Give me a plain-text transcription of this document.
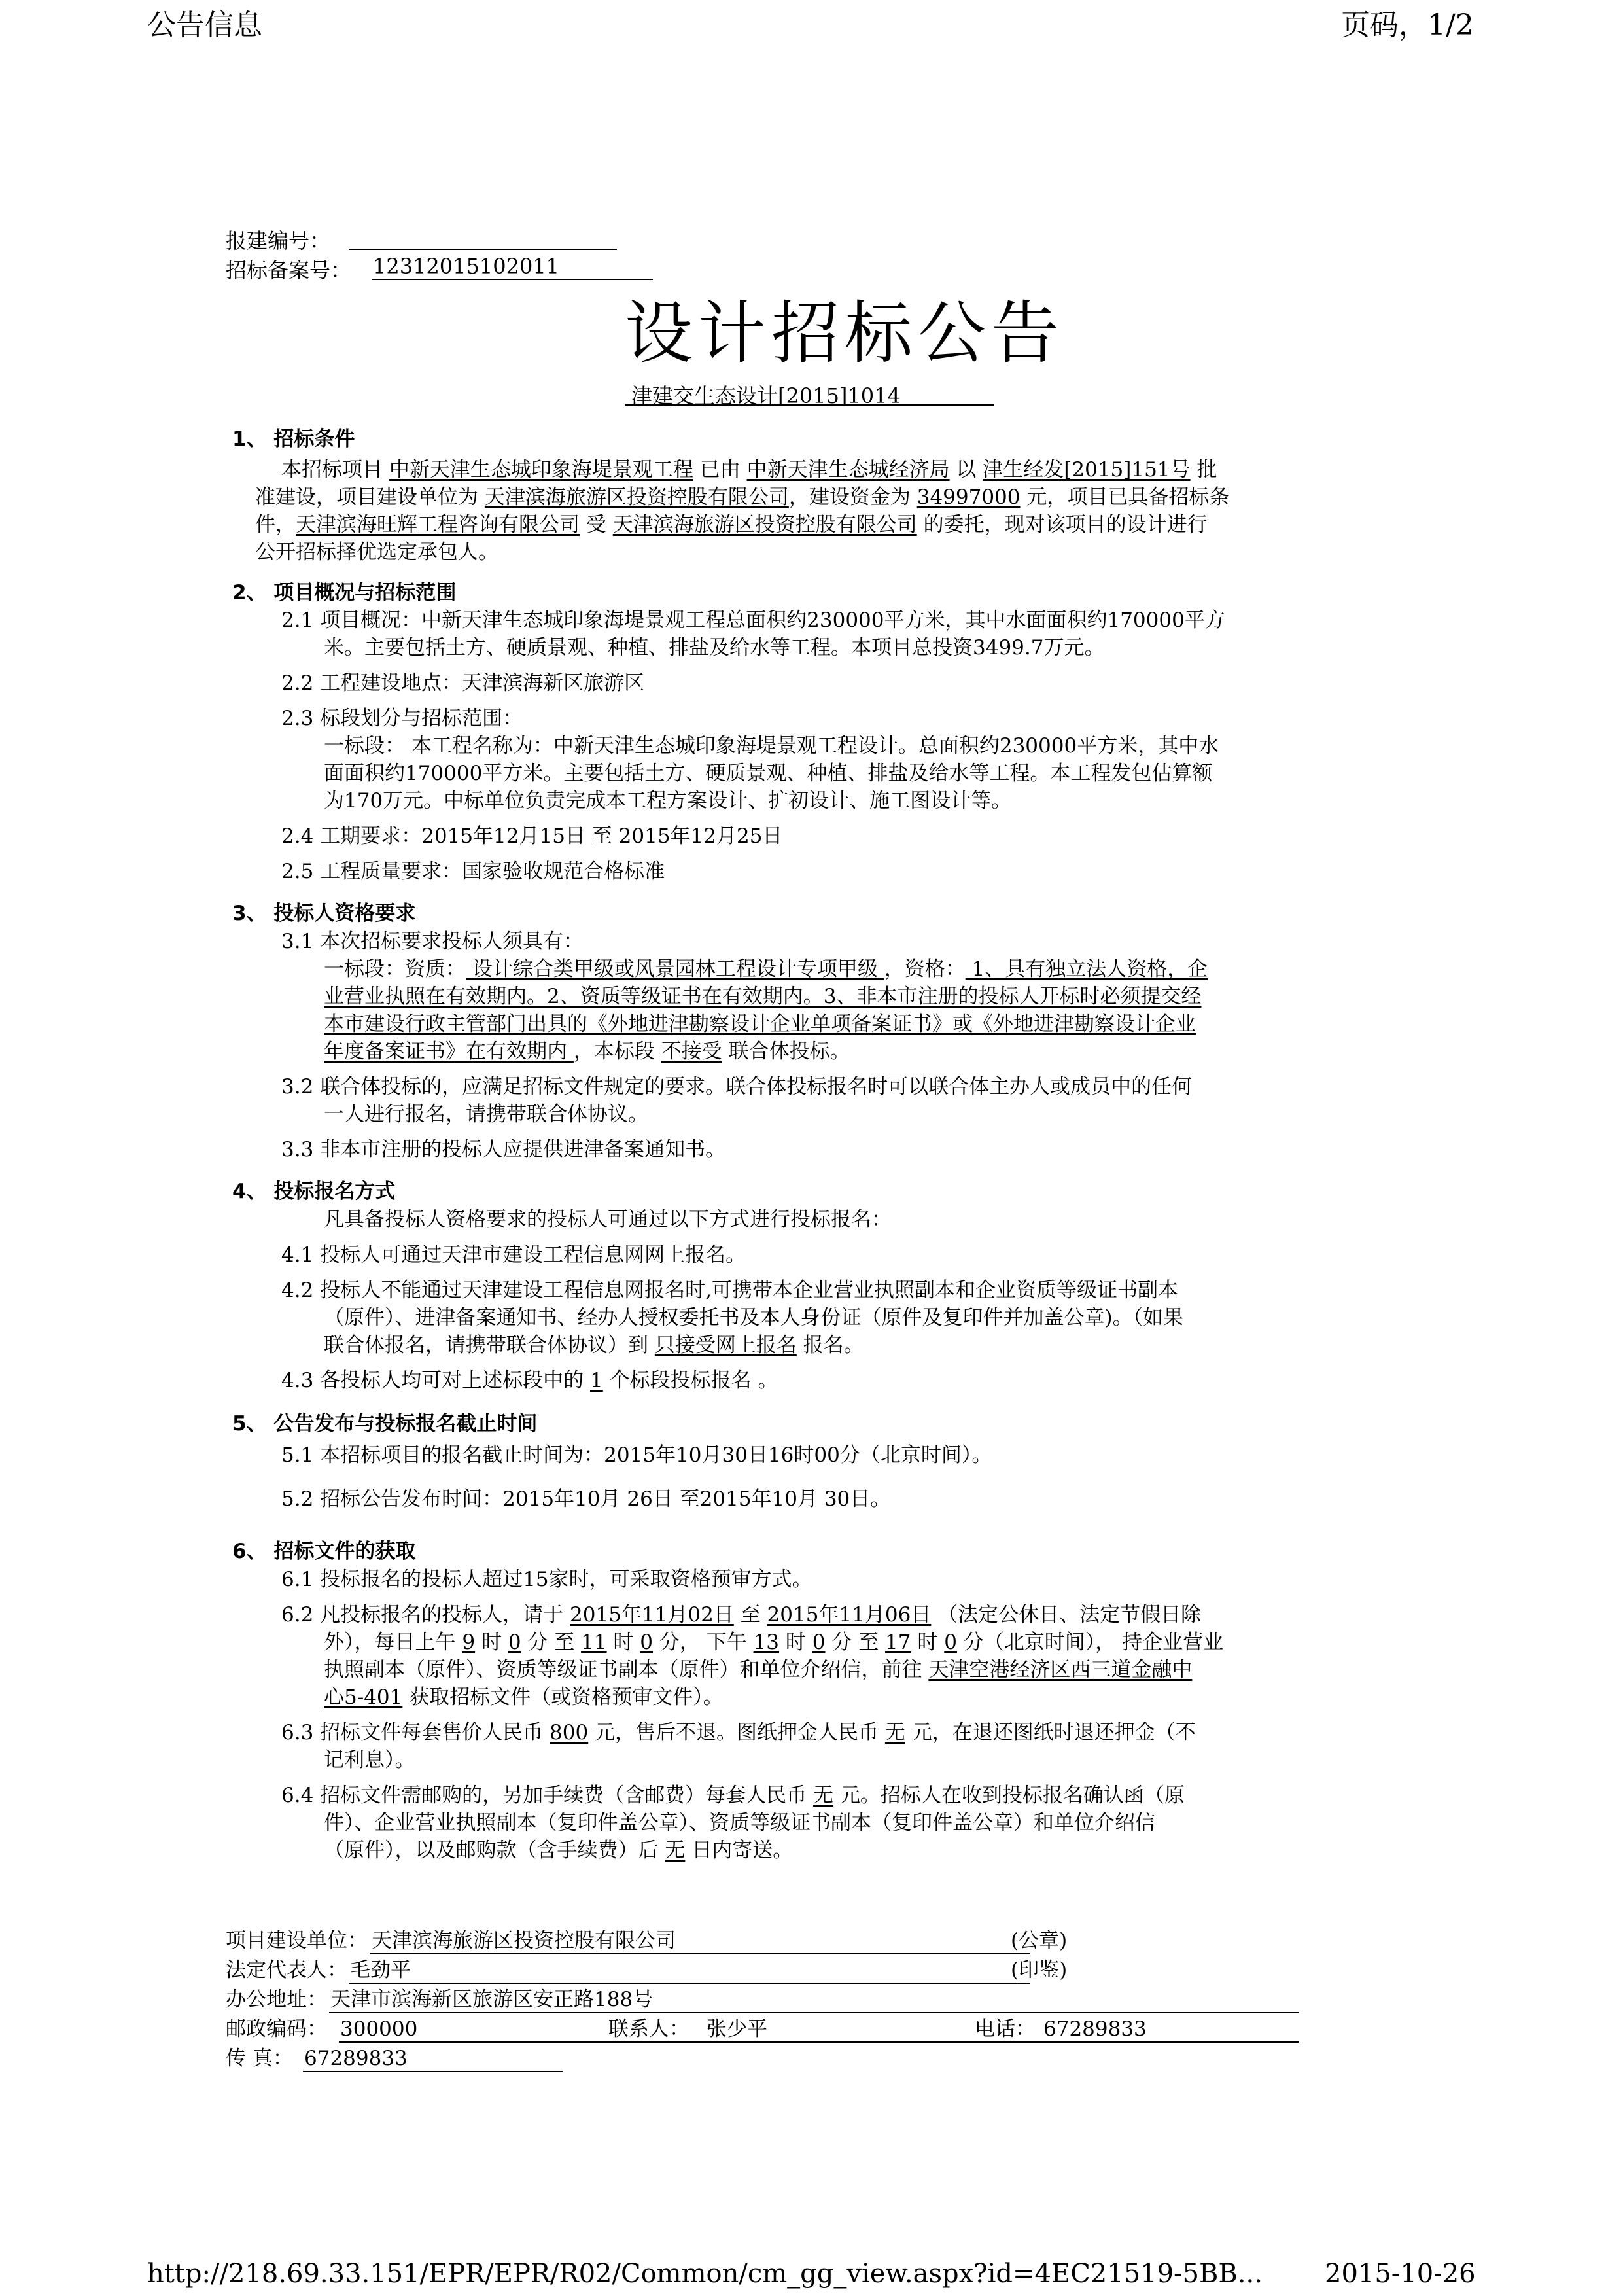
公告信息	页码，1/2
报建编号：
招标备案号： 12312015102011
设计招标公告
津建交生态设计[2015]1014
1、 招标条件
本招标项目 中新天津生态城印象海堤景观工程 已由 中新天津生态城经济局 以 津生经发[2015]151号 批
准建设，项目建设单位为 天津滨海旅游区投资控股有限公司，建设资金为 34997000 元，项目已具备招标条
件，天津滨海旺辉工程咨询有限公司 受 天津滨海旅游区投资控股有限公司 的委托，现对该项目的设计进行
公开招标择优选定承包人。
2、 项目概况与招标范围
2.1 项目概况：中新天津生态城印象海堤景观工程总面积约230000平方米，其中水面面积约170000平方
米。主要包括土方、硬质景观、种植、排盐及给水等工程。本项目总投资3499.7万元。
2.2 工程建设地点：天津滨海新区旅游区
2.3 标段划分与招标范围：
一标段： 本工程名称为：中新天津生态城印象海堤景观工程设计。总面积约230000平方米，其中水
面面积约170000平方米。主要包括土方、硬质景观、种植、排盐及给水等工程。本工程发包估算额
为170万元。中标单位负责完成本工程方案设计、扩初设计、施工图设计等。
2.4 工期要求：2015年12月15日 至 2015年12月25日
2.5 工程质量要求：国家验收规范合格标准
3、 投标人资格要求
3.1 本次招标要求投标人须具有：
一标段：资质： 设计综合类甲级或风景园林工程设计专项甲级 ，资格： 1、具有独立法人资格，企
业营业执照在有效期内。2、资质等级证书在有效期内。3、非本市注册的投标人开标时必须提交经
本市建设行政主管部门出具的《外地进津勘察设计企业单项备案证书》或《外地进津勘察设计企业
年度备案证书》在有效期内 ，本标段 不接受 联合体投标。
3.2 联合体投标的，应满足招标文件规定的要求。联合体投标报名时可以联合体主办人或成员中的任何
一人进行报名，请携带联合体协议。
3.3 非本市注册的投标人应提供进津备案通知书。
4、 投标报名方式
凡具备投标人资格要求的投标人可通过以下方式进行投标报名：
4.1 投标人可通过天津市建设工程信息网网上报名。
4.2 投标人不能通过天津建设工程信息网报名时,可携带本企业营业执照副本和企业资质等级证书副本
（原件）、进津备案通知书、经办人授权委托书及本人身份证（原件及复印件并加盖公章)。（如果
联合体报名，请携带联合体协议）到 只接受网上报名 报名。
4.3 各投标人均可对上述标段中的 1 个标段投标报名 。
5、 公告发布与投标报名截止时间
5.1 本招标项目的报名截止时间为：2015年10月30日16时00分（北京时间）。
5.2 招标公告发布时间：2015年10月 26日 至2015年10月 30日。
6、 招标文件的获取
6.1 投标报名的投标人超过15家时，可采取资格预审方式。
6.2 凡投标报名的投标人，请于 2015年11月02日 至 2015年11月06日 （法定公休日、法定节假日除
外），每日上午 9 时 0 分 至 11 时 0 分， 下午 13 时 0 分 至 17 时 0 分（北京时间）， 持企业营业
执照副本（原件）、资质等级证书副本（原件）和单位介绍信，前往 天津空港经济区西三道金融中
心5-401 获取招标文件（或资格预审文件）。
6.3 招标文件每套售价人民币 800 元，售后不退。图纸押金人民币 无 元，在退还图纸时退还押金（不
记利息）。
6.4 招标文件需邮购的，另加手续费（含邮费）每套人民币 无 元。招标人在收到投标报名确认函（原
件）、企业营业执照副本（复印件盖公章）、资质等级证书副本（复印件盖公章）和单位介绍信
（原件），以及邮购款（含手续费）后 无 日内寄送。
项目建设单位： 天津滨海旅游区投资控股有限公司	(公章)
法定代表人： 毛劲平	(印鉴)
办公地址： 天津市滨海新区旅游区安正路188号
邮政编码： 300000	联系人： 张少平	电话： 67289833
传 真： 67289833
http://218.69.33.151/EPR/EPR/R02/Common/cm_gg_view.aspx?id=4EC21519-5BB... 2015-10-26
